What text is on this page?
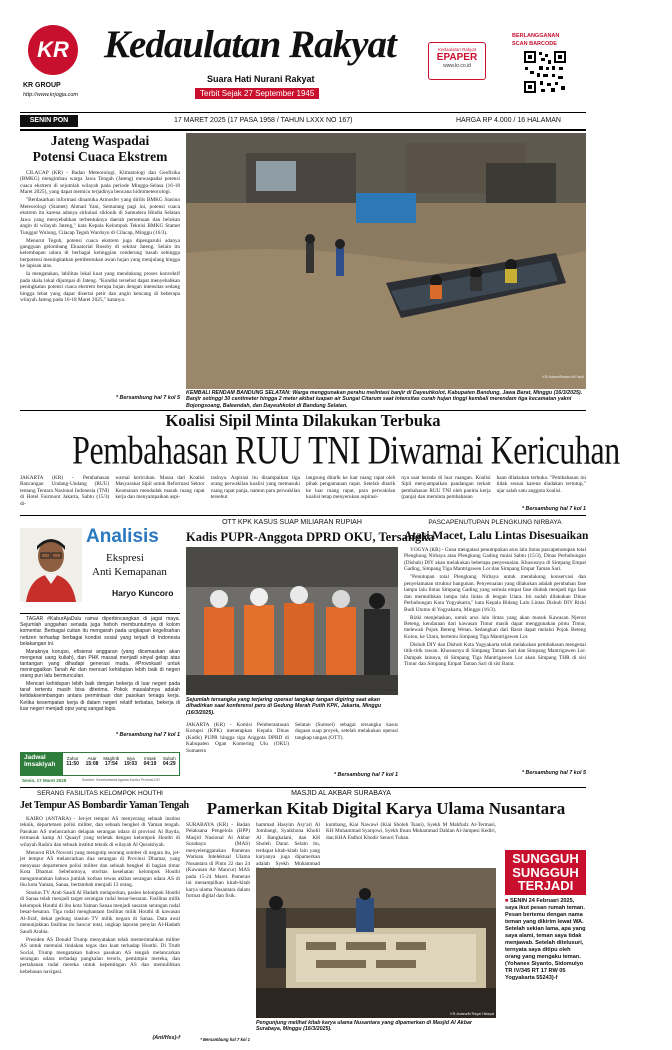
KR
KR GROUP
http://www.krjogja.com
Kedaulatan Rakyat
Suara Hati Nurani Rakyat
Terbit Sejak 27 September 1945
Kedaulatan Rakyat
EPAPER
www.kr.co.id
BERLANGGANAN
SCAN BARCODE
SENIN PON	17 MARET 2025 (17 PASA 1958 / TAHUN LXXX NO 167)	HARGA RP 4.000 / 16 HALAMAN
Jateng Waspadai
Potensi Cuaca Ekstrem

CILACAP (KR) - Badan Meteorologi, Klimatologi dan Geofisika (BMKG) mengimbau warga Jawa Tengah (Jateng) mewaspadai potensi cuaca ekstrem di sejumlah wilayah pada periode Minggu-Selasa (16-18 Maret 2025), yang dapat memicu terjadinya bencana hidrometeorologi.

"Berdasarkan informasi dinamika Atmosfer yang dirilis BMKG Stasiun Meteorologi (Stamet) Ahmad Yani, Semarang pagi ini, potensi cuaca ekstrem itu karena adanya sirkulasi siklonik di Samudera Hindia Selatan Jawa yang menyebabkan terbentuknya daerah pertemuan dan belokan angin di wilayah Jateng," kata Kepala Kelompok Teknisi BMKG Stamet Tunggul Wulung, Cilacap Teguh Wardoyo di Cilacap, Minggu (16/3).

Menurut Teguh, potensi cuaca ekstrem juga dipengaruhi adanya gangguan gelombang Ekuatorial Rossby di sekitar Jateng. Selain itu kelembapan udara di berbagai ketinggian cenderung basah sehingga berpotensi meningkatkan pembentukan awan hujan yang menjulang hingga ke lapisan atas.

Ia mengatakan, labilitas lokal kuat yang mendukung proses konvektif pada skala lokal dijumpai di Jateng. "Kondisi tersebut dapat menyebabkan peningkatan potensi cuaca ekstrem berupa hujan dengan intensitas sedang hingga lebat yang dapat disertai petir dan angin kencang di beberapa wilayah Jateng pada 16-18 Maret 2025," katanya.

* Bersambung hal 7 kol 5
KR-Antara/Raisan Al Farisi
KEMBALI RENDAM BANDUNG SELATAN: Warga menggunakan perahu melintasi banjir di Dayeuhkolot, Kabupaten Bandung, Jawa Barat, Minggu (16/3/2025). Banjir setinggi 30 centimeter hingga 2 meter akibat luapan air Sungai Citarum saat intensitas curah hujan tinggi kembali merendam tiga kecamatan yakni Bojongsoang, Baleendah, dan Dayeuhkolot di Bandung Selatan.
Koalisi Sipil Minta Dilakukan Terbuka
Pembahasan RUU TNI Diwarnai Kericuhan
JAKARTA (KR) - Pembahasan Rancangan Undang-Undang (RUU) tentang Tentara Nasional Indonesia (TNI) di Hotel Fairmont Jakarta, Sabtu (15/3) di-
warnai kericuhan. Massa dari Koalisi Masyarakat Sipil untuk Reformasi Sektor Keamanan mendadak masuk ruang rapat kerja dan menyampaikan aspi-
rasinya. Aspirasi itu disampaikan tiga orang perwakilan koalisi yang memasuki ruang rapat panja, namun para perwakilan tersebut
langsung ditarik ke luar ruang rapat oleh pihak pengamanan rapat. Setelah ditarik ke luar ruang rapat, para perwakilan koalisi tetap menyerukan aspirasi-
nya saat berada di luar ruangan. Koalisi Sipil menyampaikan pandangan terkait pembahasan RUU TNI oleh panitia kerja (panja) dan meminta pembahasan
haan dilakukan terbuka. "Pembahasan ini tidak sesuai karena diadakan tertutup," ujar salah satu anggota koalisi.
* Bersambung hal 7 kol 1
Analisis
Ekspresi
Anti Kemapanan
Haryo Kuncoro

TAGAR #KaburAjaDulu ramai diperbincangkan di jagat maya. Sejumlah unggahan senada juga heboh membuntutinya di kolom komentar. Berbagai cuitan itu mengarah pada ungkapan kegelisahan netizen terhadap berbagai kondisi sosial yang terjadi di Indonesia belakangan ini.

Maraknya korupsi, efisiensi anggaran (yang dicemaskan akan mengenai uang kuliah), dan PHK massal menjadi sinyal gelap atas tantangan yang dihadapi generasi muda. #ProvokasiI untuk meninggalkan Tanah Air dan mencari kehidupan lebih baik di negeri orang pun lalu bermunculan.

Mencari kehidupan lebih baik dengan bekerja di luar negeri pada taraf tertentu masih bisa diterima. Pokok masalahnya adalah ketidakseimbangan antara permintaan dan pasokan tenaga kerja. Ketika kesempatan kerja di dalam negeri relatif terbatas, bekerja di luar negeri menjadi opsi yang sangat logis.

* Bersambung hal 7 kol 1
Jadwal
Imsakiyah
Zuhur
11:50
Asar
15:08
Maghrib
17:54
Isya
19:03
Imsak
04:19
Subuh
04:29
Senin, 17 Maret 2025	Sumber: Kesekretariat Agama Kantor Provinsi DIY
OTT KPK KASUS SUAP MILIARAN RUPIAH
Kadis PUPR-Anggota DPRD OKU, Tersangka
KR-Antara/Fakhri Hermansyah
Sejumlah tersangka yang terjaring operasi tangkap tangan digiring saat akan dihadirkan saat konferensi pers di Gedung Merah Putih KPK, Jakarta, Minggu (16/3/2025).
JAKARTA (KR) - Komisi Pemberantasan Korupsi (KPK) menetapkan Kepala Dinas (Kadis) PUPR hingga tiga Anggota DPRD di Kabupaten Ogan Komering Ulu (OKU) Sumatera
Selatan (Sumsel) sebagai tersangka kasus dugaan suap proyek, setelah melakukan operasi tangkap tangan (OTT).
* Bersambung hal 7 kol 1
PASCAPENUTUPAN PLENGKUNG NIRBAYA
Atasi Macet, Lalu Lintas Disesuaikan

YOGYA (KR) - Guna mengatasi penumpukan arus lalu lintas pascapenutupan total Plengkung Nirbaya atau Plengkung Gading mulai Sabtu (15/3), Dinas Perhubungan (Dishub) DIY akan melakukan beberapa penyesuaian. Khususnya di Simpang Empat Gading, Simpang Tiga Mantrigawen Lor dan Simpang Empat Taman Sari.

"Penutupan total Plengkung Nirbaya untuk mendukung konservasi dan penyelamatan struktur bangunan. Penyesuaian yang dilakukan adalah perubahan fase lampu lalu lintas Simpang Gading yang semula empat fase diubah menjadi tiga fase dan memutihkan lampu lalu lintas di lengan Utara. Ini sudah dilakukan Dinas Perhubungan Kota Yogyakarta," kata Kepala Bidang Lalu Lintas Dishub DIY Rizki Budi Utomo di Yogyakarta, Minggu (16/3).

Rizki menjelaskan, untuk arus lalu lintas yang akan masuk Kawasan Njeron Beteng, kendaraan dari kawasan Timur masih dapat menggunakan pintu Timur, melewati Pojok Beteng Wetan. Sedangkan dari Barat dapat melalui Pojok Beteng Kulon, ke Utara, bertemu Simpang Tiga Mantrigawen Lor.

Dishub DIY dan Dishub Kota Yogyakarta telah melakukan pembahasan mengenai titik-titik rawan. Khususnya di Simpang Taman Sari dan Simpang Mantrigawen Lor. Dampak lainnya, di Simpang Tiga Mantrigawen Lor akan Simpang THR di sisi Timur dan Simpang Empat Taman Sari di sisi Barat.

* Bersambung hal 7 kol 5
SERANG FASILITAS KELOMPOK HOUTHI
Jet Tempur AS Bombardir Yaman Tengah

KAIRO (ANTARA) - Jet-jet tempur AS menyerang sebuah institut teknik, departemen polisi militer, dan sebuah bengkel di Yaman tengah. Pasukan AS melancarkan delapan serangan udara di provinsi Al Bayda, termasuk kamp Al Quaayf yang terletak dengan kelompok Houthi di wilayah Rada'a dan sebuah institut teknik di wilayah Al Quraishyah.

Menurut RIA Novosti yang mengutip seorang sumber di negara itu, jet-jet tempur AS melancarkan dua serangan di Provinsi Dhamar, yang menyasar departemen polisi militer dan sebuah bengkel di bagian timur Kota Dhamar. Sebelumnya, otoritas kesehatan kelompok Houthi mengumumkan bahwa jumlah korban tewas akibat serangan udara AS di ibu kota Yaman, Sanaa, bertambah menjadi 13 orang.

Stasiun TV Arab Saudi Al Hadath melaporkan, pasien kelompok Houthi di Sanaa telah menjadi target serangan rudal besar-besaran. Fasilitas milik kelompok Houthi di ibu kota Yaman Sanaa menjadi sasaran serangan rudal besar-besaran. Tiga rudal menghantam fasilitas milik Houthi di kawasan Al-Jiraf, dekat gedung stasiun TV milik negara di Sanaa. Data awal menunjukkan fasilitas itu hancur total, ungkap laporan penyiar Al-Hadath Saudi Arabia.

Presiden AS Donald Trump menyatakan telah memerintahkan militer AS untuk memulai tindakan tegas dan kuat terhadap Houthi. Di Truth Social, Trump mengatakan bahwa pasukan AS tengah melancarkan serangan udara terhadap pangkalan teroris, pemimpin mereka, dan pertahanan rudal mereka untuk kepentingan AS dan memulihkan kebebasan navigasi.

(Ant/Hss)-f
MASJID AL AKBAR SURABAYA
Pamerkan Kitab Digital Karya Ulama Nusantara
SURABAYA (KR) - Badan Pelaksana Pengelola (BPP) Masjid Nasional Al Akbar Surabaya (MAS) menyelenggarakan Pameran Warisan Intelektual Ulama Nusantara di Pintu 22 dan 24 (Kawasan Air Mancur) MAS pada 15-24 Maret. Pameran ini menampilkan kitab-kitab karya ulama Nusantara dalam format digital dan fisik.
hammad Hasyim Asy'ari Al Jombangi, Syaikhona Kholil Al Bangkalani, dan KH Sholeh Darat. Selain itu, terdapat kitab-kitab lain yang karyanya juga dipamerkan adalah Syekh Muhammad
kumbang, Kiai Nawawi (Kiai Sholeh Tsani), Syekh M Mahfudz At-Termasi, KH Muhammad Syarqowi, Syekh Ihsan Muhammad Dahlan Al-Jampesi Kediri, dan KHA Fadhol Khodir Senori Tuban.
KR-Antara/M Risyal Hidayat
Pengunjung melihat kitab karya ulama Nusantara yang dipamerkan di Masjid Al Akbar Surabaya, Minggu (16/3/2025).
* Bersambung hal 7 kol 1
SUNGGUH
SUNGGUH
TERJADI
■ SENIN 24 Februari 2025, saya ikut pesan rumah teman. Pesan bertemu dengan nama teman yang dikirim lewat WA. Setelah sekian lama, apa yang saya alami, teman saya tidak menjawab. Setelah ditelusuri, ternyata saya ditipu oleh orang yang mengaku teman. (Yohanes Siyanto, Sidomulyo TR IV/345 RT 17 RW 05 Yogyakarta 55243)-f
